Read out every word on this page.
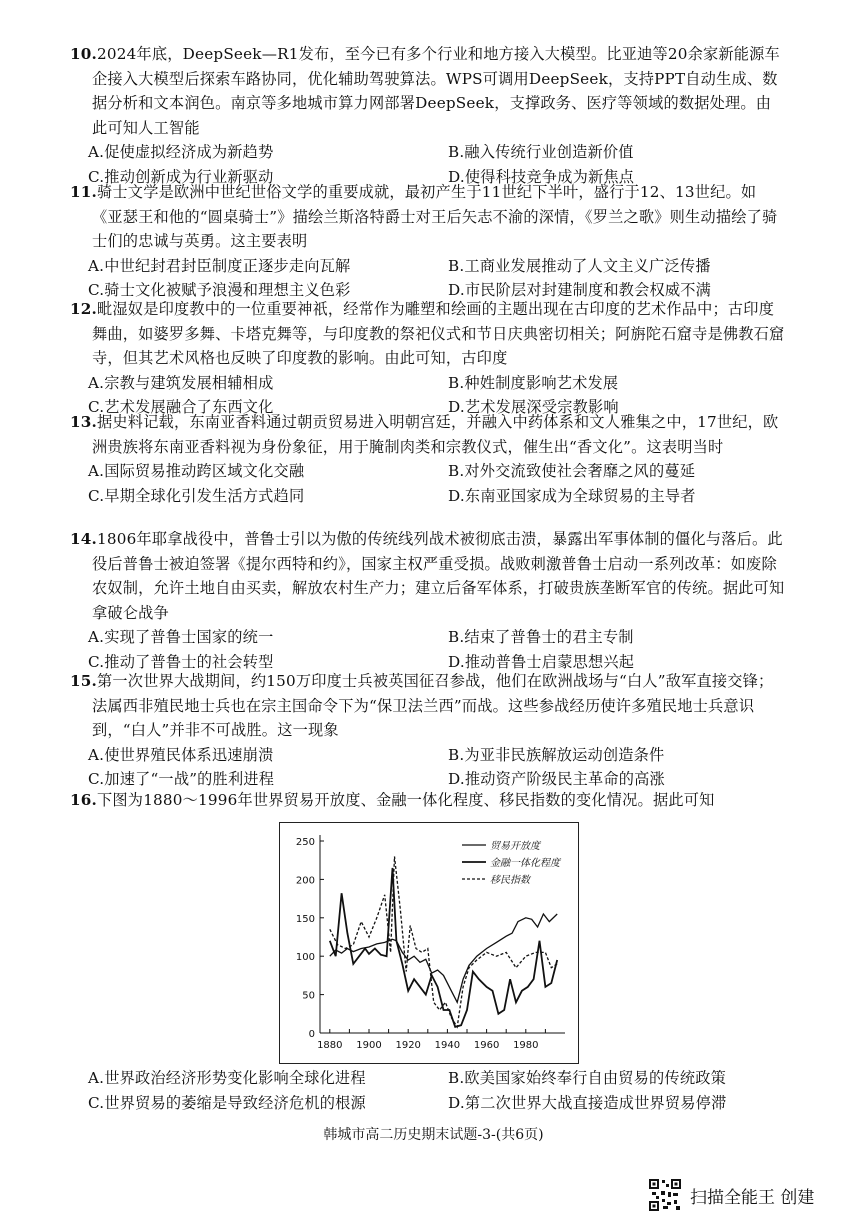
10.2024年底，DeepSeek—R1发布，至今已有多个行业和地方接入大模型。比亚迪等20余家新能源车企接入大模型后探索车路协同，优化辅助驾驶算法。WPS可调用DeepSeek，支持PPT自动生成、数据分析和文本润色。南京等多地城市算力网部署DeepSeek，支撑政务、医疗等领域的数据处理。由此可知人工智能

A.促使虚拟经济成为新趋势	B.融入传统行业创造新价值
C.推动创新成为行业新驱动	D.使得科技竞争成为新焦点

11.骑士文学是欧洲中世纪世俗文学的重要成就，最初产生于11世纪下半叶，盛行于12、13世纪。如《亚瑟王和他的“圆桌骑士”》描绘兰斯洛特爵士对王后矢志不渝的深情，《罗兰之歌》则生动描绘了骑士们的忠诚与英勇。这主要表明

A.中世纪封君封臣制度正逐步走向瓦解	B.工商业发展推动了人文主义广泛传播
C.骑士文化被赋予浪漫和理想主义色彩	D.市民阶层对封建制度和教会权威不满

12.毗湿奴是印度教中的一位重要神祇，经常作为雕塑和绘画的主题出现在古印度的艺术作品中；古印度舞曲，如婆罗多舞、卡塔克舞等，与印度教的祭祀仪式和节日庆典密切相关；阿旃陀石窟寺是佛教石窟寺，但其艺术风格也反映了印度教的影响。由此可知，古印度

A.宗教与建筑发展相辅相成	B.种姓制度影响艺术发展
C.艺术发展融合了东西文化	D.艺术发展深受宗教影响

13.据史料记载，东南亚香料通过朝贡贸易进入明朝宫廷，并融入中药体系和文人雅集之中，17世纪，欧洲贵族将东南亚香料视为身份象征，用于腌制肉类和宗教仪式，催生出“香文化”。这表明当时

A.国际贸易推动跨区域文化交融	B.对外交流致使社会奢靡之风的蔓延
C.早期全球化引发生活方式趋同	D.东南亚国家成为全球贸易的主导者

14.1806年耶拿战役中，普鲁士引以为傲的传统线列战术被彻底击溃，暴露出军事体制的僵化与落后。此役后普鲁士被迫签署《提尔西特和约》，国家主权严重受损。战败刺激普鲁士启动一系列改革：如废除农奴制，允许土地自由买卖，解放农村生产力；建立后备军体系，打破贵族垄断军官的传统。据此可知拿破仑战争

A.实现了普鲁士国家的统一	B.结束了普鲁士的君主专制
C.推动了普鲁士的社会转型	D.推动普鲁士启蒙思想兴起

15.第一次世界大战期间，约150万印度士兵被英国征召参战，他们在欧洲战场与“白人”敌军直接交锋；法属西非殖民地士兵也在宗主国命令下为“保卫法兰西”而战。这些参战经历使许多殖民地士兵意识到，“白人”并非不可战胜。这一现象

A.使世界殖民体系迅速崩溃	B.为亚非民族解放运动创造条件
C.加速了“一战”的胜利进程	D.推动资产阶级民主革命的高涨

16.下图为1880～1996年世界贸易开放度、金融一体化程度、移民指数的变化情况。据此可知

0
50
100
150
200
250
1880 1900 1920 1940 1960 1980
贸易开放度
金融一体化程度
移民指数
A.世界政治经济形势变化影响全球化进程	B.欧美国家始终奉行自由贸易的传统政策
C.世界贸易的萎缩是导致经济危机的根源	D.第二次世界大战直接造成世界贸易停滞
韩城市高二历史期末试题-3-(共6页)
扫描全能王 创建
